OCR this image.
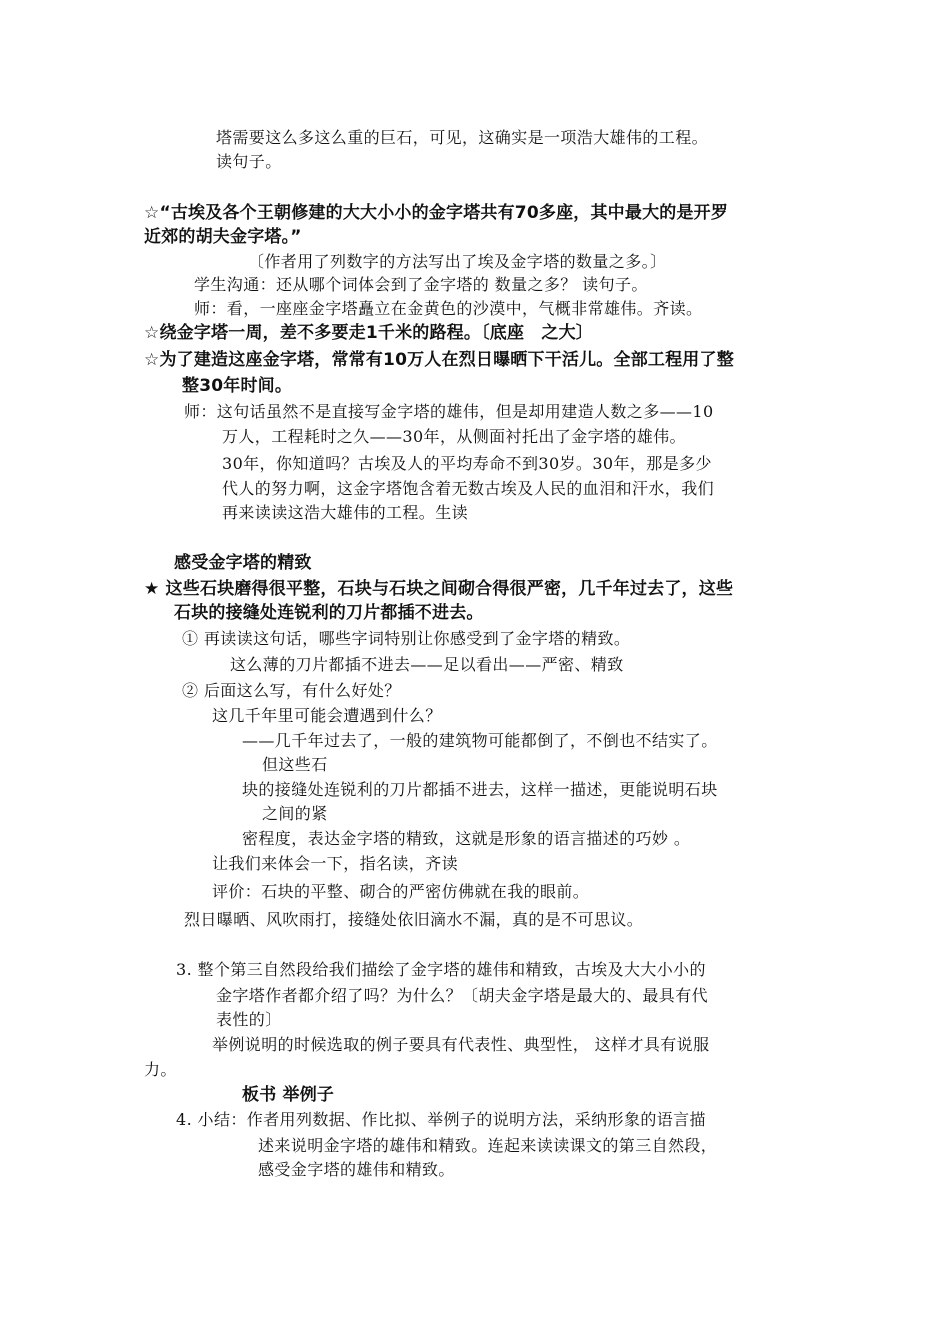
塔需要这么多这么重的巨石，可见，这确实是一项浩大雄伟的工程。
读句子。
☆“古埃及各个王朝修建的大大小小的金字塔共有70多座，其中最大的是开罗
近郊的胡夫金字塔。”
〔作者用了列数字的方法写出了埃及金字塔的数量之多。〕
学生沟通：还从哪个词体会到了金字塔的 数量之多？ 读句子。
师：看，一座座金字塔矗立在金黄色的沙漠中，气概非常雄伟。齐读。
☆绕金字塔一周，差不多要走1千米的路程。〔底座　之大〕
☆为了建造这座金字塔，常常有10万人在烈日曝晒下干活儿。全部工程用了整
整30年时间。
师：这句话虽然不是直接写金字塔的雄伟，但是却用建造人数之多——10
万人，工程耗时之久——30年，从侧面衬托出了金字塔的雄伟。
30年，你知道吗？古埃及人的平均寿命不到30岁。30年，那是多少
代人的努力啊，这金字塔饱含着无数古埃及人民的血泪和汗水，我们
再来读读这浩大雄伟的工程。生读
感受金字塔的精致
★ 这些石块磨得很平整，石块与石块之间砌合得很严密，几千年过去了，这些
石块的接缝处连锐利的刀片都插不进去。
① 再读读这句话，哪些字词特别让你感受到了金字塔的精致。
这么薄的刀片都插不进去——足以看出——严密、精致
② 后面这么写，有什么好处？
这几千年里可能会遭遇到什么？
——几千年过去了，一般的建筑物可能都倒了，不倒也不结实了。
但这些石
块的接缝处连锐利的刀片都插不进去，这样一描述，更能说明石块
之间的紧
密程度，表达金字塔的精致，这就是形象的语言描述的巧妙 。
让我们来体会一下，指名读，齐读
评价：石块的平整、砌合的严密仿佛就在我的眼前。
烈日曝晒、风吹雨打，接缝处依旧滴水不漏，真的是不可思议。
3. 整个第三自然段给我们描绘了金字塔的雄伟和精致，古埃及大大小小的
金字塔作者都介绍了吗？为什么？〔胡夫金字塔是最大的、最具有代
表性的〕
举例说明的时候选取的例子要具有代表性、典型性， 这样才具有说服
力。
板书 举例子
4. 小结：作者用列数据、作比拟、举例子的说明方法，采纳形象的语言描
述来说明金字塔的雄伟和精致。连起来读读课文的第三自然段，
感受金字塔的雄伟和精致。
